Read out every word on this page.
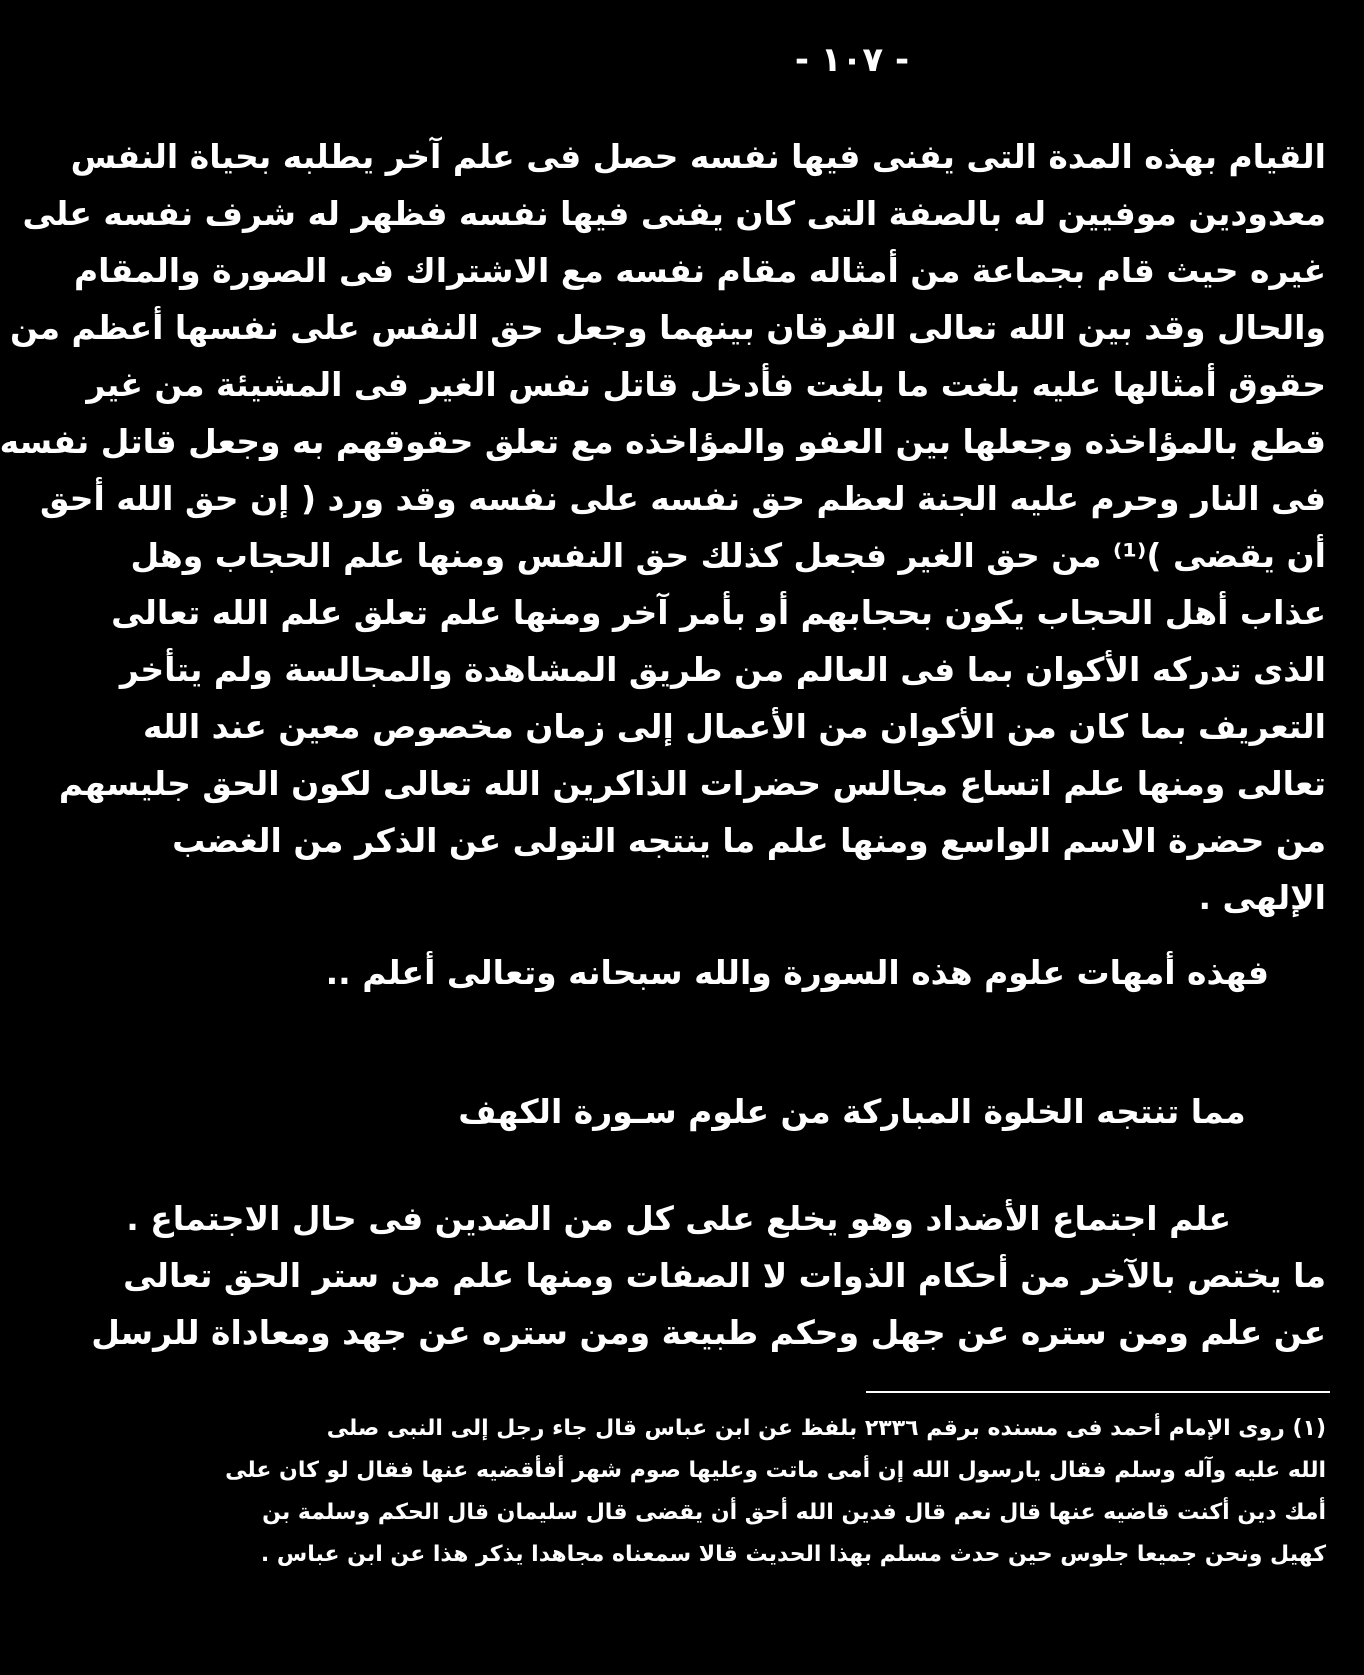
- ١٠٧ -
القيام بهذه المدة التى يفنى فيها نفسه حصل فى علم آخر يطلبه بحياة النفس
معدودين موفيين له بالصفة التى كان يفنى فيها نفسه فظهر له شرف نفسه على
غيره حيث قام بجماعة من أمثاله مقام نفسه مع الاشتراك فى الصورة والمقام
والحال وقد بين الله تعالى الفرقان بينهما وجعل حق النفس على نفسها أعظم من
حقوق أمثالها عليه بلغت ما بلغت فأدخل قاتل نفس الغير فى المشيئة من غير
قطع بالمؤاخذه وجعلها بين العفو والمؤاخذه مع تعلق حقوقهم به وجعل قاتل نفسه
فى النار وحرم عليه الجنة لعظم حق نفسه على نفسه وقد ورد ( إن حق الله أحق
أن يقضى )⁽¹⁾ من حق الغير فجعل كذلك حق النفس ومنها علم الحجاب وهل
عذاب أهل الحجاب يكون بحجابهم أو بأمر آخر ومنها علم تعلق علم الله تعالى
الذى تدركه الأكوان بما فى العالم من طريق المشاهدة والمجالسة ولم يتأخر
التعريف بما كان من الأكوان من الأعمال إلى زمان مخصوص معين عند الله
تعالى ومنها علم اتساع مجالس حضرات الذاكرين الله تعالى لكون الحق جليسهم
من حضرة الاسم الواسع ومنها علم ما ينتجه التولى عن الذكر من الغضب
الإلهى .
فهذه أمهات علوم هذه السورة والله سبحانه وتعالى أعلم ..
مما تنتجه الخلوة المباركة من علوم سـورة الكهف
علم اجتماع الأضداد وهو يخلع على كل من الضدين فى حال الاجتماع .
ما يختص بالآخر من أحكام الذوات لا الصفات ومنها علم من ستر الحق تعالى
عن علم ومن ستره عن جهل وحكم طبيعة ومن ستره عن جهد ومعاداة للرسل
(١) روى الإمام أحمد فى مسنده برقم ٢٣٣٦ بلفظ عن ابن عباس قال جاء رجل إلى النبى صلى
الله عليه وآله وسلم فقال يارسول الله إن أمى ماتت وعليها صوم شهر أفأقضيه عنها فقال لو كان على
أمك دين أكنت قاضيه عنها قال نعم قال فدين الله أحق أن يقضى قال سليمان قال الحكم وسلمة بن
كهيل ونحن جميعا جلوس حين حدث مسلم بهذا الحديث قالا سمعناه مجاهدا يذكر هذا عن ابن عباس .
